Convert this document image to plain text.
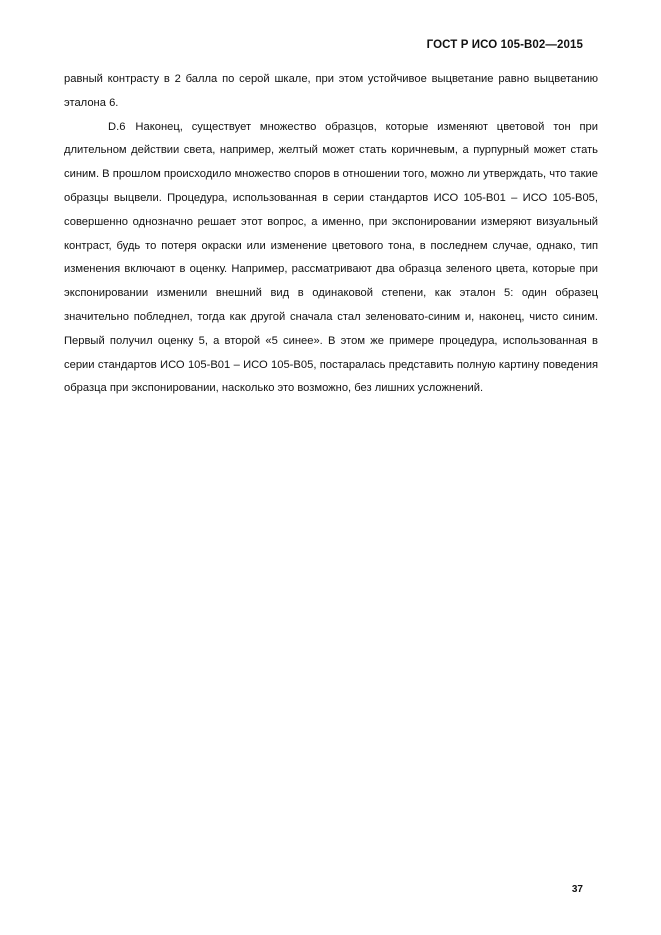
ГОСТ Р ИСО 105-В02—2015

равный контрасту в 2 балла по серой шкале, при этом устойчивое выцветание равно выцветанию эталона 6.

D.6 Наконец, существует множество образцов, которые изменяют цветовой тон при длительном действии света, например, желтый может стать коричневым, а пурпурный может стать синим. В прошлом происходило множество споров в отношении того, можно ли утверждать, что такие образцы выцвели. Процедура, использованная в серии стандартов ИСО 105-В01 – ИСО 105-В05, совершенно однозначно решает этот вопрос, а именно, при экспонировании измеряют визуальный контраст, будь то потеря окраски или изменение цветового тона, в последнем случае, однако, тип изменения включают в оценку. Например, рассматривают два образца зеленого цвета, которые при экспонировании изменили внешний вид в одинаковой степени, как эталон 5: один образец значительно побледнел, тогда как другой сначала стал зеленовато-синим и, наконец, чисто синим. Первый получил оценку 5, а второй «5 синее». В этом же примере процедура, использованная в серии стандартов ИСО 105-В01 – ИСО 105-В05, постаралась представить полную картину поведения образца при экспонировании, насколько это возможно, без лишних усложнений.

37
